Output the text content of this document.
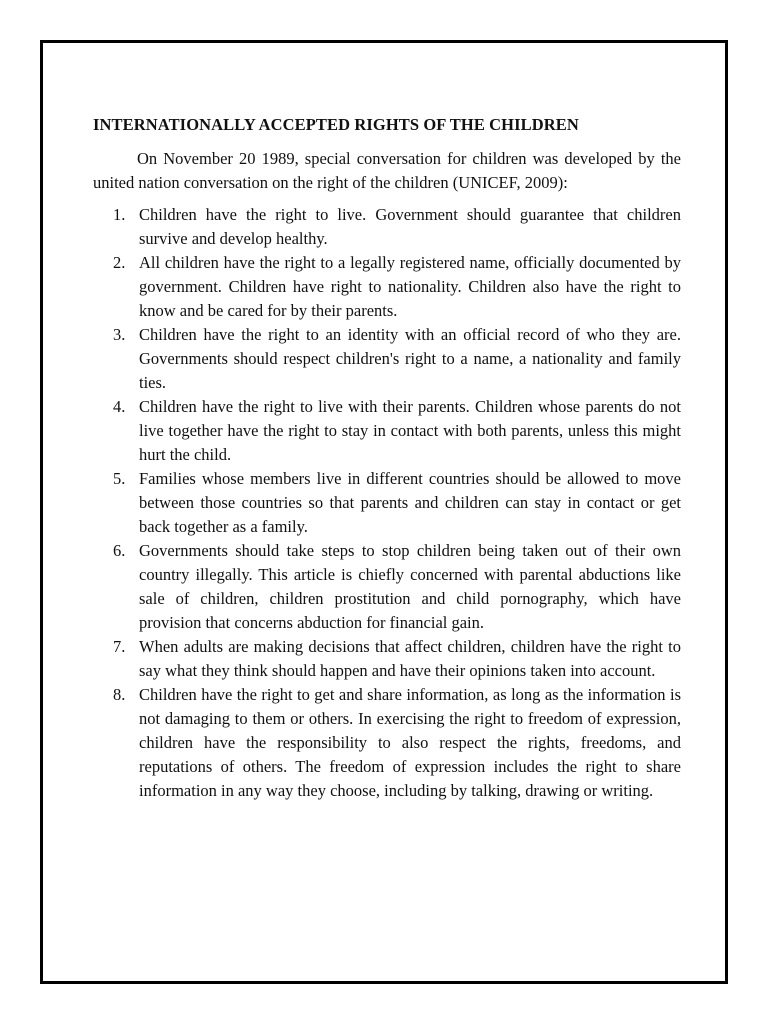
INTERNATIONALLY ACCEPTED RIGHTS OF THE CHILDREN

On November 20 1989, special conversation for children was developed by the united nation conversation on the right of the children (UNICEF, 2009):

1. Children have the right to live. Government should guarantee that children survive and develop healthy.
2. All children have the right to a legally registered name, officially documented by government. Children have right to nationality. Children also have the right to know and be cared for by their parents.
3. Children have the right to an identity with an official record of who they are. Governments should respect children's right to a name, a nationality and family ties.
4. Children have the right to live with their parents. Children whose parents do not live together have the right to stay in contact with both parents, unless this might hurt the child.
5. Families whose members live in different countries should be allowed to move between those countries so that parents and children can stay in contact or get back together as a family.
6. Governments should take steps to stop children being taken out of their own country illegally. This article is chiefly concerned with parental abductions like sale of children, children prostitution and child pornography, which have provision that concerns abduction for financial gain.
7. When adults are making decisions that affect children, children have the right to say what they think should happen and have their opinions taken into account.
8. Children have the right to get and share information, as long as the information is not damaging to them or others. In exercising the right to freedom of expression, children have the responsibility to also respect the rights, freedoms, and reputations of others. The freedom of expression includes the right to share information in any way they choose, including by talking, drawing or writing.
